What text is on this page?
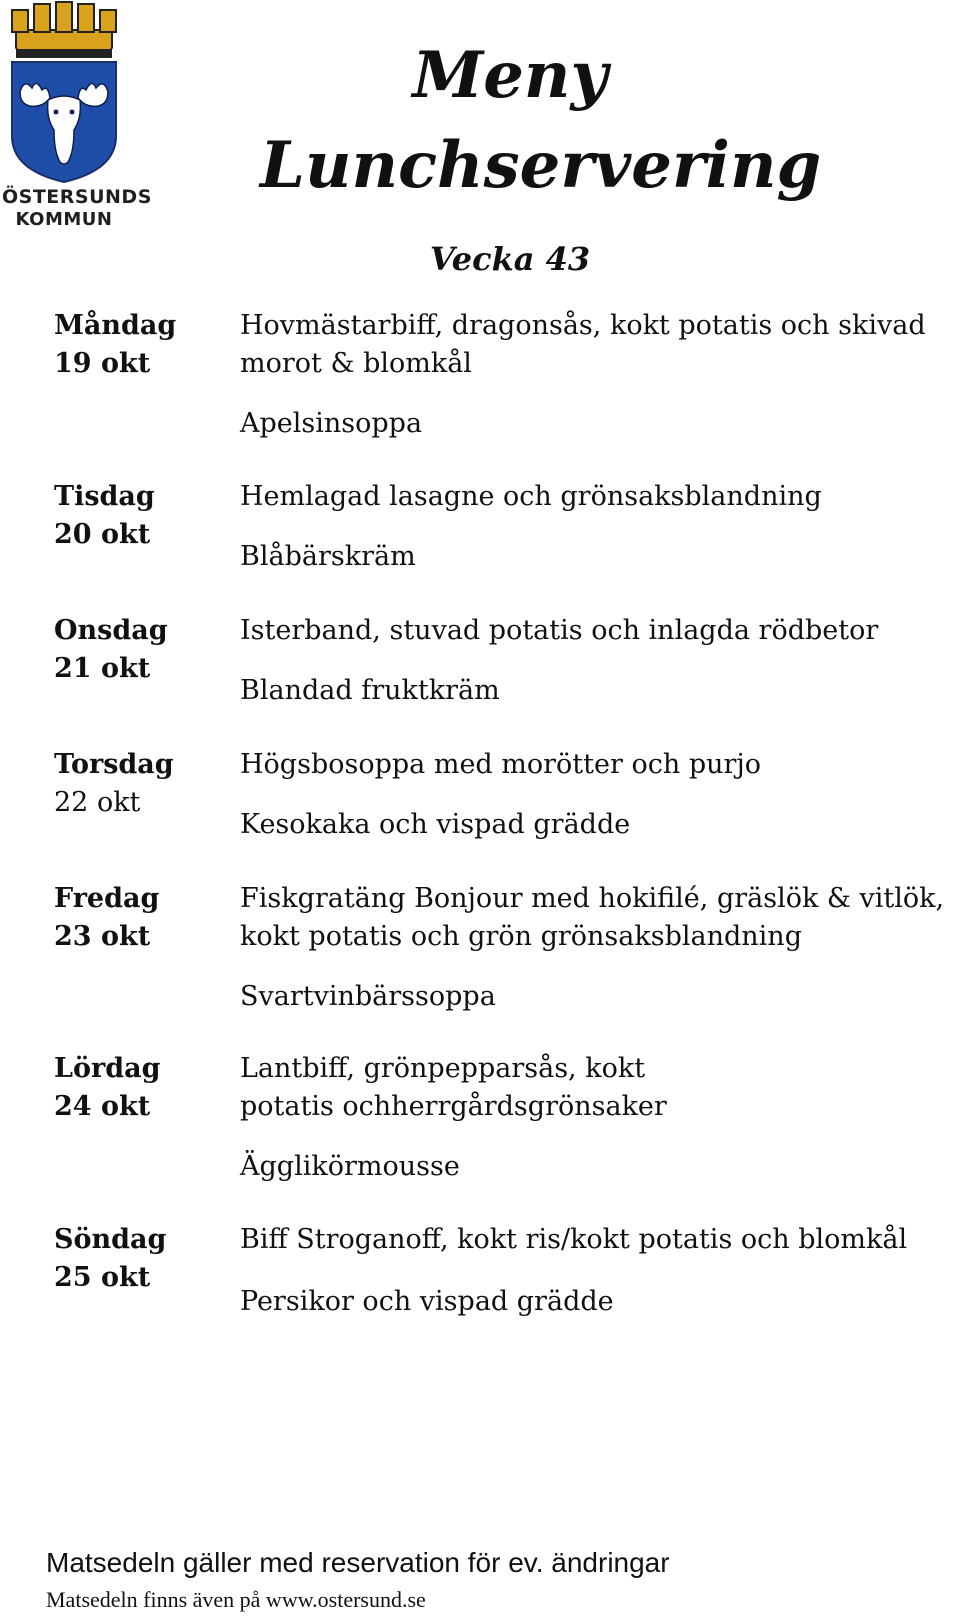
ÖSTERSUNDS
KOMMUN
Meny
Lunchservering
Vecka 43
Måndag
19 okt
Hovmästarbiff, dragonsås, kokt potatis och skivad morot & blomkål
Apelsinsoppa
Tisdag
20 okt
Hemlagad lasagne och grönsaksblandning
Blåbärskräm
Onsdag
21 okt
Isterband, stuvad potatis och inlagda rödbetor
Blandad fruktkräm
Torsdag
22 okt
Högsbosoppa med morötter och purjo
Kesokaka och vispad grädde
Fredag
23 okt
Fiskgratäng Bonjour med hokifilé, gräslök & vitlök, kokt potatis och grön grönsaksblandning
Svartvinbärssoppa
Lördag
24 okt
Lantbiff, grönpepparsås, kokt potatis ochherrgårdsgrönsaker
Ägglikörmousse
Söndag
25 okt
Biff Stroganoff, kokt ris/kokt potatis och blomkål
Persikor och vispad grädde
Matsedeln gäller med reservation för ev. ändringar
Matsedeln finns även på www.ostersund.se
